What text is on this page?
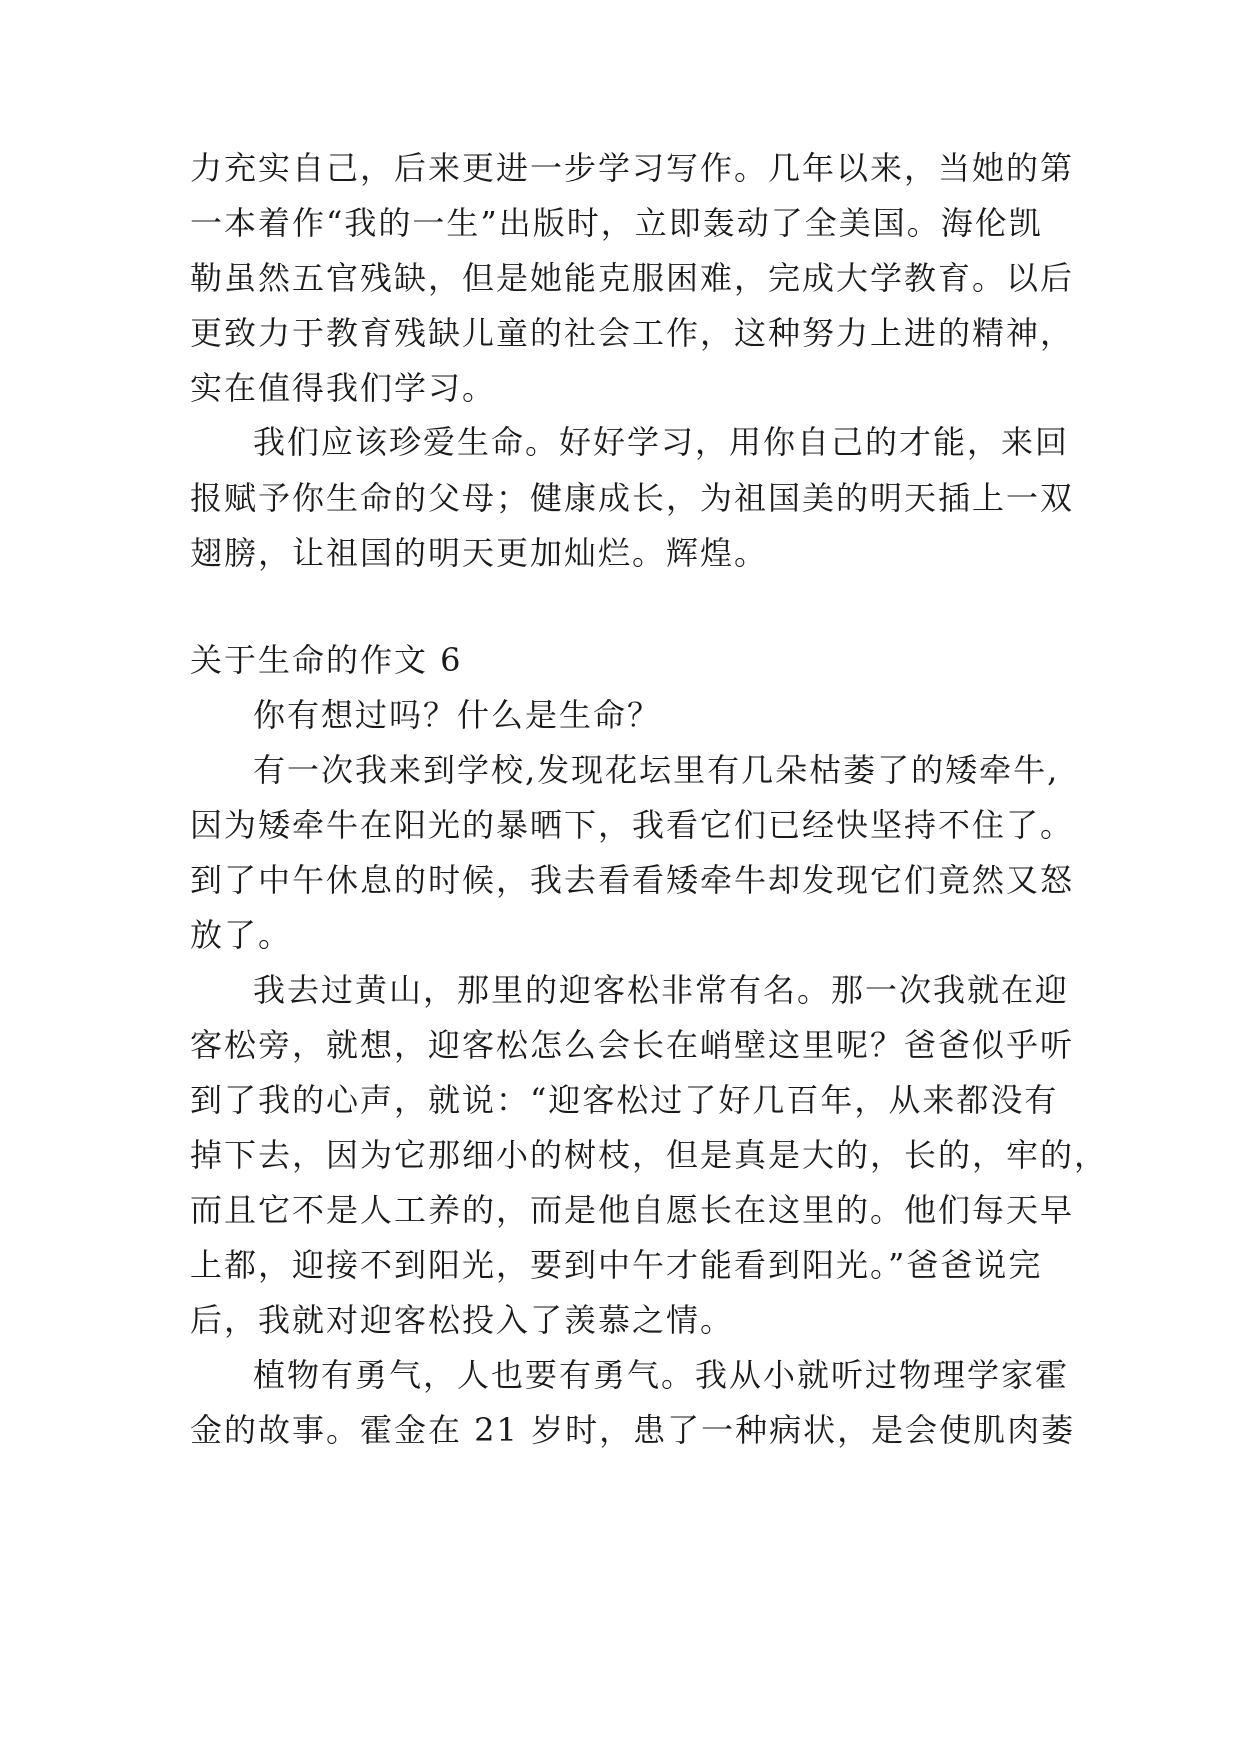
力充实自己，后来更进一步学习写作。几年以来，当她的第
一本着作“我的一生”出版时，立即轰动了全美国。海伦凯
勒虽然五官残缺，但是她能克服困难，完成大学教育。以后
更致力于教育残缺儿童的社会工作，这种努力上进的精神，
实在值得我们学习。
我们应该珍爱生命。好好学习，用你自己的才能，来回
报赋予你生命的父母；健康成长，为祖国美的明天插上一双
翅膀，让祖国的明天更加灿烂。辉煌。
关于生命的作文 6
你有想过吗？什么是生命？
有一次我来到学校,发现花坛里有几朵枯萎了的矮牵牛,
因为矮牵牛在阳光的暴晒下，我看它们已经快坚持不住了。
到了中午休息的时候，我去看看矮牵牛却发现它们竟然又怒
放了。
我去过黄山，那里的迎客松非常有名。那一次我就在迎
客松旁，就想，迎客松怎么会长在峭壁这里呢？爸爸似乎听
到了我的心声，就说：“迎客松过了好几百年，从来都没有
掉下去，因为它那细小的树枝，但是真是大的，长的，牢的，
而且它不是人工养的，而是他自愿长在这里的。他们每天早
上都，迎接不到阳光，要到中午才能看到阳光。”爸爸说完
后，我就对迎客松投入了羡慕之情。
植物有勇气，人也要有勇气。我从小就听过物理学家霍
金的故事。霍金在 21 岁时，患了一种病状，是会使肌肉萎
